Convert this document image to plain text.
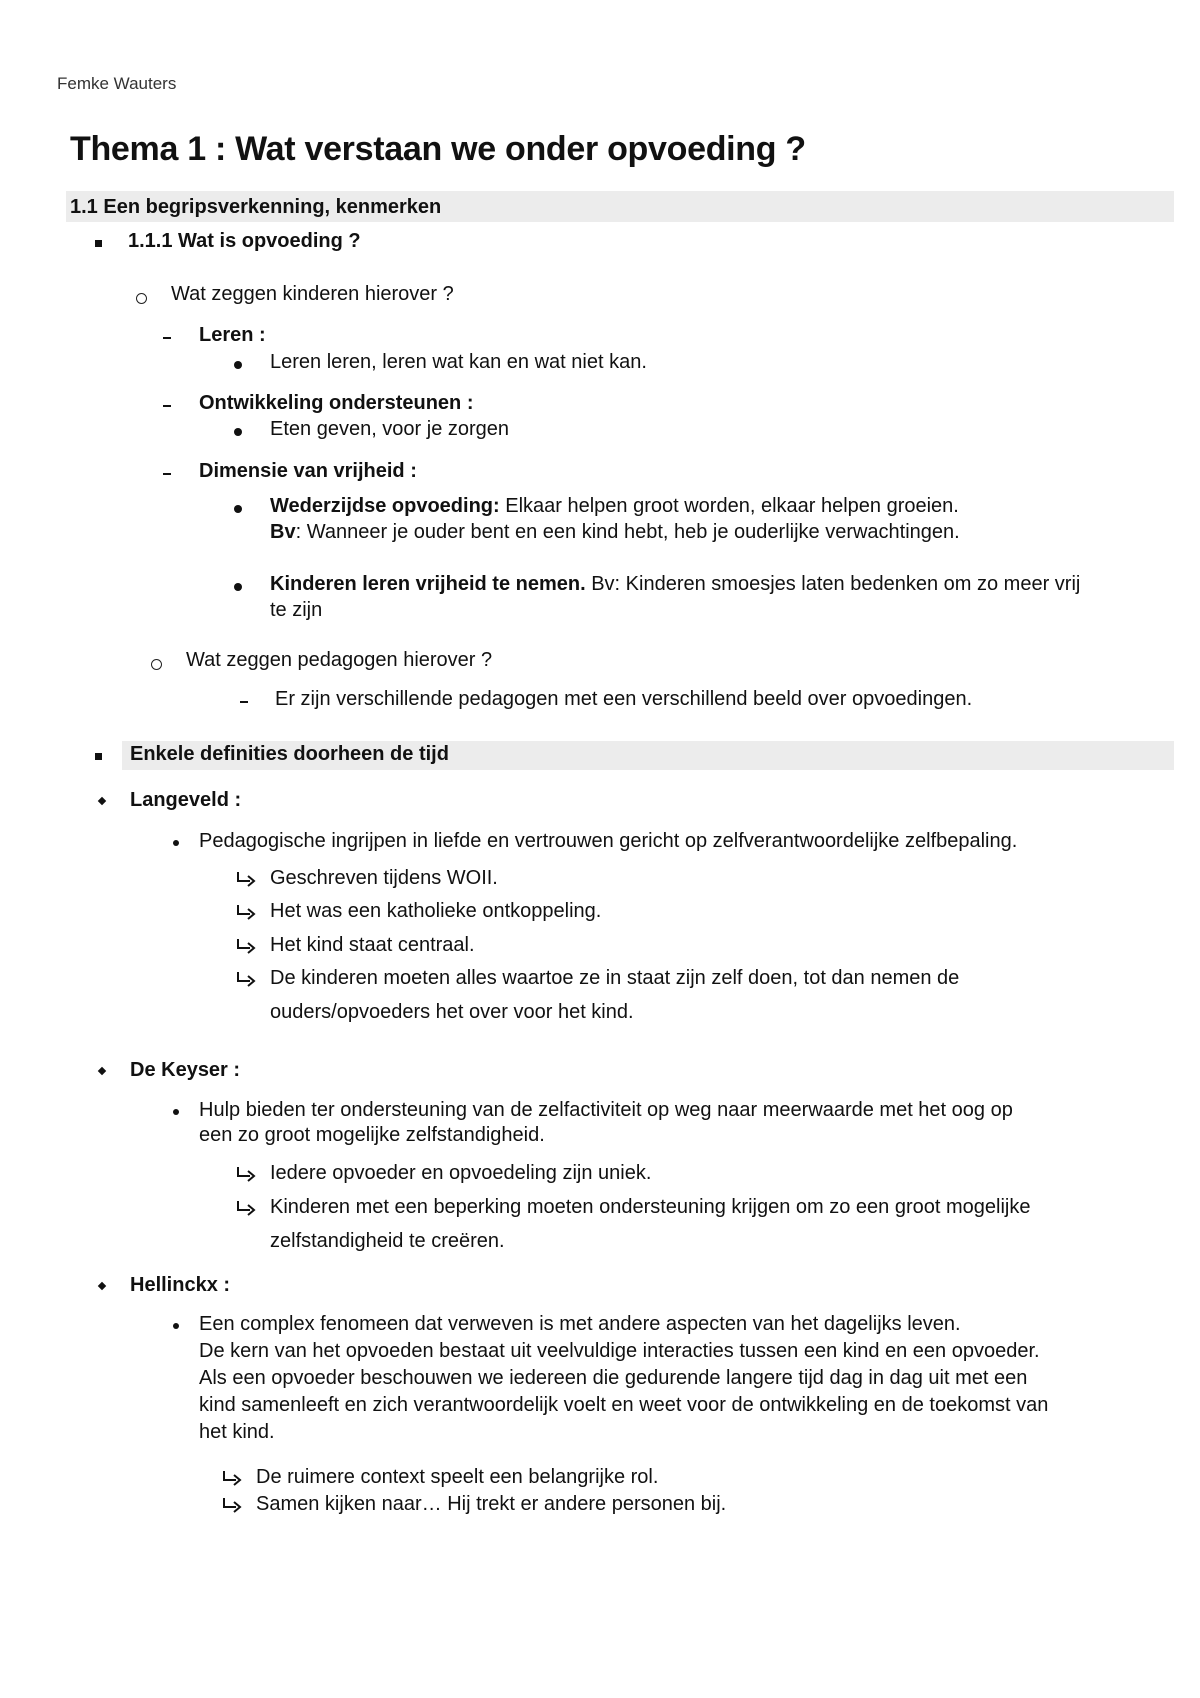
Femke Wauters
Thema 1 : Wat verstaan we onder opvoeding ?
1.1 Een begripsverkenning, kenmerken
1.1.1 Wat is opvoeding ?
Wat zeggen kinderen hierover ?
Leren :
Leren leren, leren wat kan en wat niet kan.
Ontwikkeling ondersteunen :
Eten geven, voor je zorgen
Dimensie van vrijheid :
Wederzijdse opvoeding: Elkaar helpen groot worden, elkaar helpen groeien.
Bv: Wanneer je ouder bent en een kind hebt, heb je ouderlijke verwachtingen.
Kinderen leren vrijheid te nemen. Bv: Kinderen smoesjes laten bedenken om zo meer vrij
te zijn
Wat zeggen pedagogen hierover ?
Er zijn verschillende pedagogen met een verschillend beeld over opvoedingen.
Enkele definities doorheen de tijd
Langeveld :
Pedagogische ingrijpen in liefde en vertrouwen gericht op zelfverantwoordelijke zelfbepaling.
Geschreven tijdens WOII.
Het was een katholieke ontkoppeling.
Het kind staat centraal.
De kinderen moeten alles waartoe ze in staat zijn zelf doen, tot dan nemen de
ouders/opvoeders het over voor het kind.
De Keyser :
Hulp bieden ter ondersteuning van de zelfactiviteit op weg naar meerwaarde met het oog op
een zo groot mogelijke zelfstandigheid.
Iedere opvoeder en opvoedeling zijn uniek.
Kinderen met een beperking moeten ondersteuning krijgen om zo een groot mogelijke
zelfstandigheid te creëren.
Hellinckx :
Een complex fenomeen dat verweven is met andere aspecten van het dagelijks leven.
De kern van het opvoeden bestaat uit veelvuldige interacties tussen een kind en een opvoeder.
Als een opvoeder beschouwen we iedereen die gedurende langere tijd dag in dag uit met een
kind samenleeft en zich verantwoordelijk voelt en weet voor de ontwikkeling en de toekomst van
het kind.
De ruimere context speelt een belangrijke rol.
Samen kijken naar… Hij trekt er andere personen bij.
